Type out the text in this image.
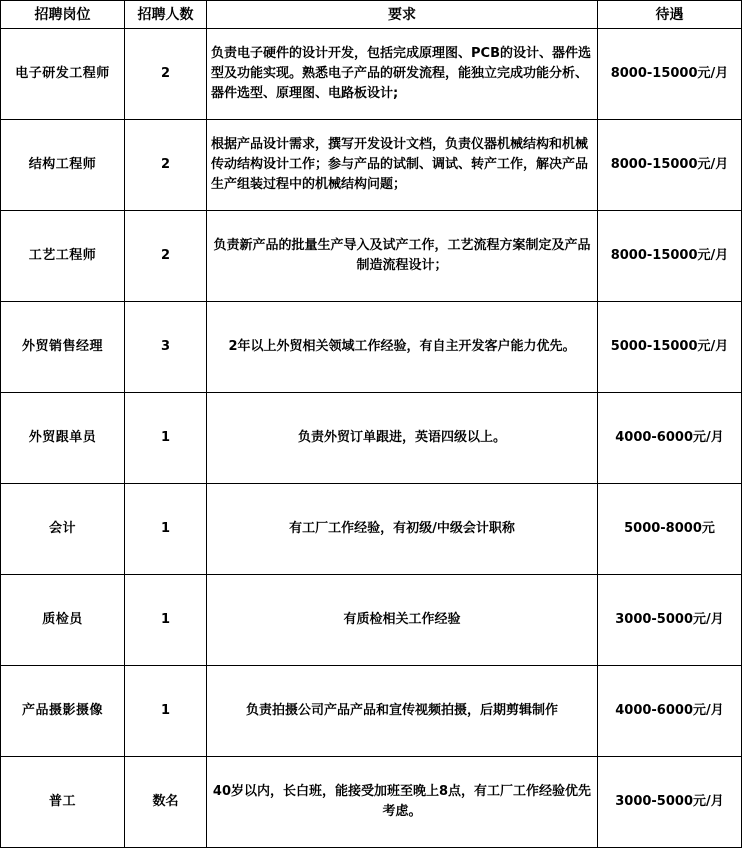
招聘岗位	招聘人数	要求	待遇
电子研发工程师	2	负责电子硬件的设计开发，包括完成原理图、PCB的设计、器件选型及功能实现。熟悉电子产品的研发流程，能独立完成功能分析、器件选型、原理图、电路板设计;	8000-15000元/月
结构工程师	2	根据产品设计需求，撰写开发设计文档，负责仪器机械结构和机械传动结构设计工作；参与产品的试制、调试、转产工作，解决产品生产组装过程中的机械结构问题；	8000-15000元/月
工艺工程师	2	负责新产品的批量生产导入及试产工作，工艺流程方案制定及产品制造流程设计；	8000-15000元/月
外贸销售经理	3	2年以上外贸相关领域工作经验，有自主开发客户能力优先。	5000-15000元/月
外贸跟单员	1	负责外贸订单跟进，英语四级以上。	4000-6000元/月
会计	1	有工厂工作经验，有初级/中级会计职称	5000-8000元
质检员	1	有质检相关工作经验	3000-5000元/月
产品摄影摄像	1	负责拍摄公司产品产品和宣传视频拍摄，后期剪辑制作	4000-6000元/月
普工	数名	40岁以内，长白班，能接受加班至晚上8点，有工厂工作经验优先考虑。	3000-5000元/月
